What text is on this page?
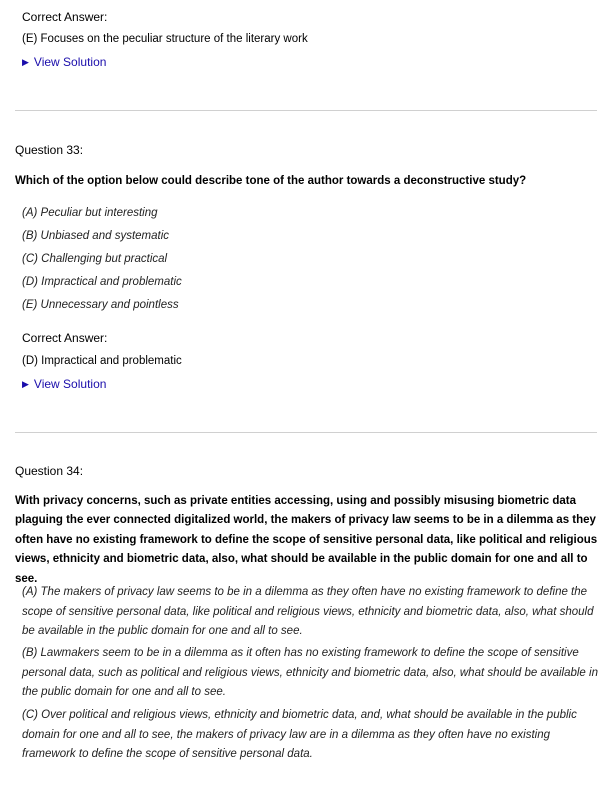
Correct Answer:
(E) Focuses on the peculiar structure of the literary work
▶ View Solution
Question 33:
Which of the option below could describe tone of the author towards a deconstructive study?
(A) Peculiar but interesting
(B) Unbiased and systematic
(C) Challenging but practical
(D) Impractical and problematic
(E) Unnecessary and pointless
Correct Answer:
(D) Impractical and problematic
▶ View Solution
Question 34:
With privacy concerns, such as private entities accessing, using and possibly misusing biometric data plaguing the ever connected digitalized world, the makers of privacy law seems to be in a dilemma as they often have no existing framework to define the scope of sensitive personal data, like political and religious views, ethnicity and biometric data, also, what should be available in the public domain for one and all to see.
(A) The makers of privacy law seems to be in a dilemma as they often have no existing framework to define the scope of sensitive personal data, like political and religious views, ethnicity and biometric data, also, what should be available in the public domain for one and all to see.
(B) Lawmakers seem to be in a dilemma as it often has no existing framework to define the scope of sensitive personal data, such as political and religious views, ethnicity and biometric data, also, what should be available in the public domain for one and all to see.
(C) Over political and religious views, ethnicity and biometric data, and, what should be available in the public domain for one and all to see, the makers of privacy law are in a dilemma as they often have no existing framework to define the scope of sensitive personal data.
